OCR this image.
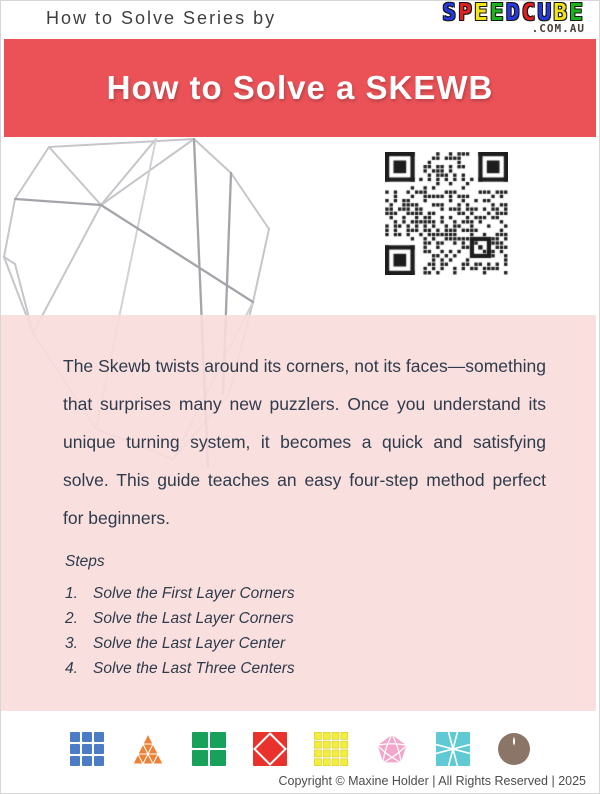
How to Solve Series by	SPEEDCUBE
.COM.AU
How to Solve a SKEWB
The Skewb twists around its corners, not its faces—something that surprises many new puzzlers. Once you understand its unique turning system, it becomes a quick and satisfying solve. This guide teaches an easy four-step method perfect for beginners.
Steps
1. Solve the First Layer Corners
2. Solve the Last Layer Corners
3. Solve the Last Layer Center
4. Solve the Last Three Centers
Copyright © Maxine Holder | All Rights Reserved | 2025
